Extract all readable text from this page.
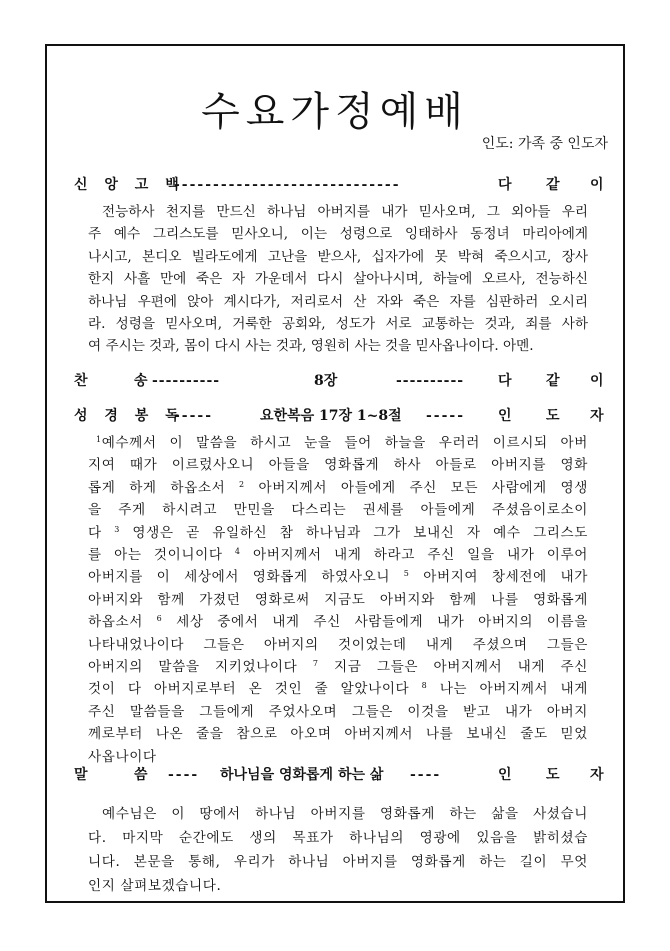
수요가정예배
인도: 가족 중 인도자
신 앙 고 백
-----------------------------	다 같 이
전능하사 천지를 만드신 하나님 아버지를 내가 믿사오며, 그 외아들 우리
주 예수 그리스도를 믿사오니, 이는 성령으로 잉태하사 동정녀 마리아에게
나시고, 본디오 빌라도에게 고난을 받으사, 십자가에 못 박혀 죽으시고, 장사
한지 사흘 만에 죽은 자 가운데서 다시 살아나시며, 하늘에 오르사, 전능하신
하나님 우편에 앉아 계시다가, 저리로서 산 자와 죽은 자를 심판하러 오시리
라. 성령을 믿사오며, 거룩한 공회와, 성도가 서로 교통하는 것과, 죄를 사하
여 주시는 것과, 몸이 다시 사는 것과, 영원히 사는 것을 믿사옵나이다. 아멘.
찬	송 ----------	8장	---------- 다 같 이
성 경 봉 독
-----	요한복음 17장 1~8절 ----- 인 도 자
$^1$예수께서 이 말씀을 하시고 눈을 들어 하늘을 우러러 이르시되 아버
지여 때가 이르렀사오니 아들을 영화롭게 하사 아들로 아버지를 영화
롭게 하게 하옵소서 $^2$ 아버지께서 아들에게 주신 모든 사람에게 영생
을 주게 하시려고 만민을 다스리는 권세를 아들에게 주셨음이로소이
다 $^3$ 영생은 곧 유일하신 참 하나님과 그가 보내신 자 예수 그리스도
를 아는 것이니이다 $^4$ 아버지께서 내게 하라고 주신 일을 내가 이루어
아버지를 이 세상에서 영화롭게 하였사오니 $^5$ 아버지여 창세전에 내가
아버지와 함께 가졌던 영화로써 지금도 아버지와 함께 나를 영화롭게
하옵소서 $^6$ 세상 중에서 내게 주신 사람들에게 내가 아버지의 이름을
나타내었나이다 그들은 아버지의 것이었는데 내게 주셨으며 그들은
아버지의 말씀을 지키었나이다 $^7$ 지금 그들은 아버지께서 내게 주신
것이 다 아버지로부터 온 것인 줄 알았나이다 $^8$ 나는 아버지께서 내게
주신 말씀들을 그들에게 주었사오며 그들은 이것을 받고 내가 아버지
께로부터 나온 줄을 참으로 아오며 아버지께서 나를 보내신 줄도 믿었
사옵나이다
말	씀 ---- 하나님을 영화롭게 하는 삶 ----	인 도 자
예수님은 이 땅에서 하나님 아버지를 영화롭게 하는 삶을 사셨습니
다. 마지막 순간에도 생의 목표가 하나님의 영광에 있음을 밝히셨습
니다. 본문을 통해, 우리가 하나님 아버지를 영화롭게 하는 길이 무엇
인지 살펴보겠습니다.
